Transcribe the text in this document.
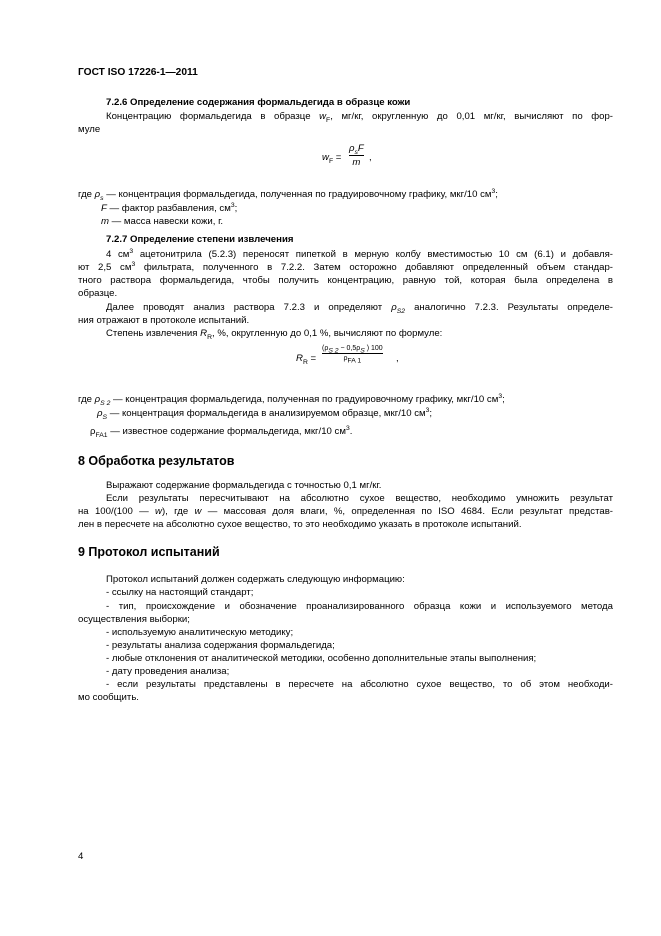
ГОСТ ISO 17226-1—2011
7.2.6 Определение содержания формальдегида в образце кожи
Концентрацию формальдегида в образце $w_F$, мг/кг, округленную до 0,01 мг/кг, вычисляют по фор-
муле
$w_F$ =
$\rho_sF$
m ,
где $\rho_s$ — концентрация формальдегида, полученная по градуировочному графику, мкг/10 $см^3$;
F — фактор разбавления, $см^3$;
m — масса навески кожи, г.
7.2.7 Определение степени извлечения
4 $см^3$ ацетонитрила (5.2.3) переносят пипеткой в мерную колбу вместимостью 10 см (6.1) и добавля-
ют 2,5 $см^3$ фильтрата, полученного в 7.2.2. Затем осторожно добавляют определенный объем стандар-
тного раствора формальдегида, чтобы получить концентрацию, равную той, которая была определена в
образце.
Далее проводят анализ раствора 7.2.3 и определяют $\rho_{S2}$ аналогично 7.2.3. Результаты определе-
ния отражают в протоколе испытаний.
Степень извлечения $R_R$, %, округленную до 0,1 %, вычисляют по формуле:
$R_R$ =
($\rho_{S 2} - 0,5\rho_S$ ) 100
$\rho_{FA 1}$	,
где $\rho_{S 2}$ — концентрация формальдегида, полученная по градуировочному графику, мкг/10 $см^3$;
$\rho_S$ — концентрация формальдегида в анализируемом образце, мкг/10 $см^3$;
$\rho_{FA1}$ — известное содержание формальдегида, мкг/10 $см^3$.
8 Обработка результатов
Выражают содержание формальдегида с точностью 0,1 мг/кг.
Если результаты пересчитывают на абсолютно сухое вещество, необходимо умножить результат
на 100/(100 — w), где w — массовая доля влаги, %, определенная по ISO 4684. Если результат представ-
лен в пересчете на абсолютно сухое вещество, то это необходимо указать в протоколе испытаний.
9 Протокол испытаний
Протокол испытаний должен содержать следующую информацию:
- ссылку на настоящий стандарт;
- тип, происхождение и обозначение проанализированного образца кожи и используемого метода
осуществления выборки;
- используемую аналитическую методику;
- результаты анализа содержания формальдегида;
- любые отклонения от аналитической методики, особенно дополнительные этапы выполнения;
- дату проведения анализа;
- если результаты представлены в пересчете на абсолютно сухое вещество, то об этом необходи-
мо сообщить.
4
